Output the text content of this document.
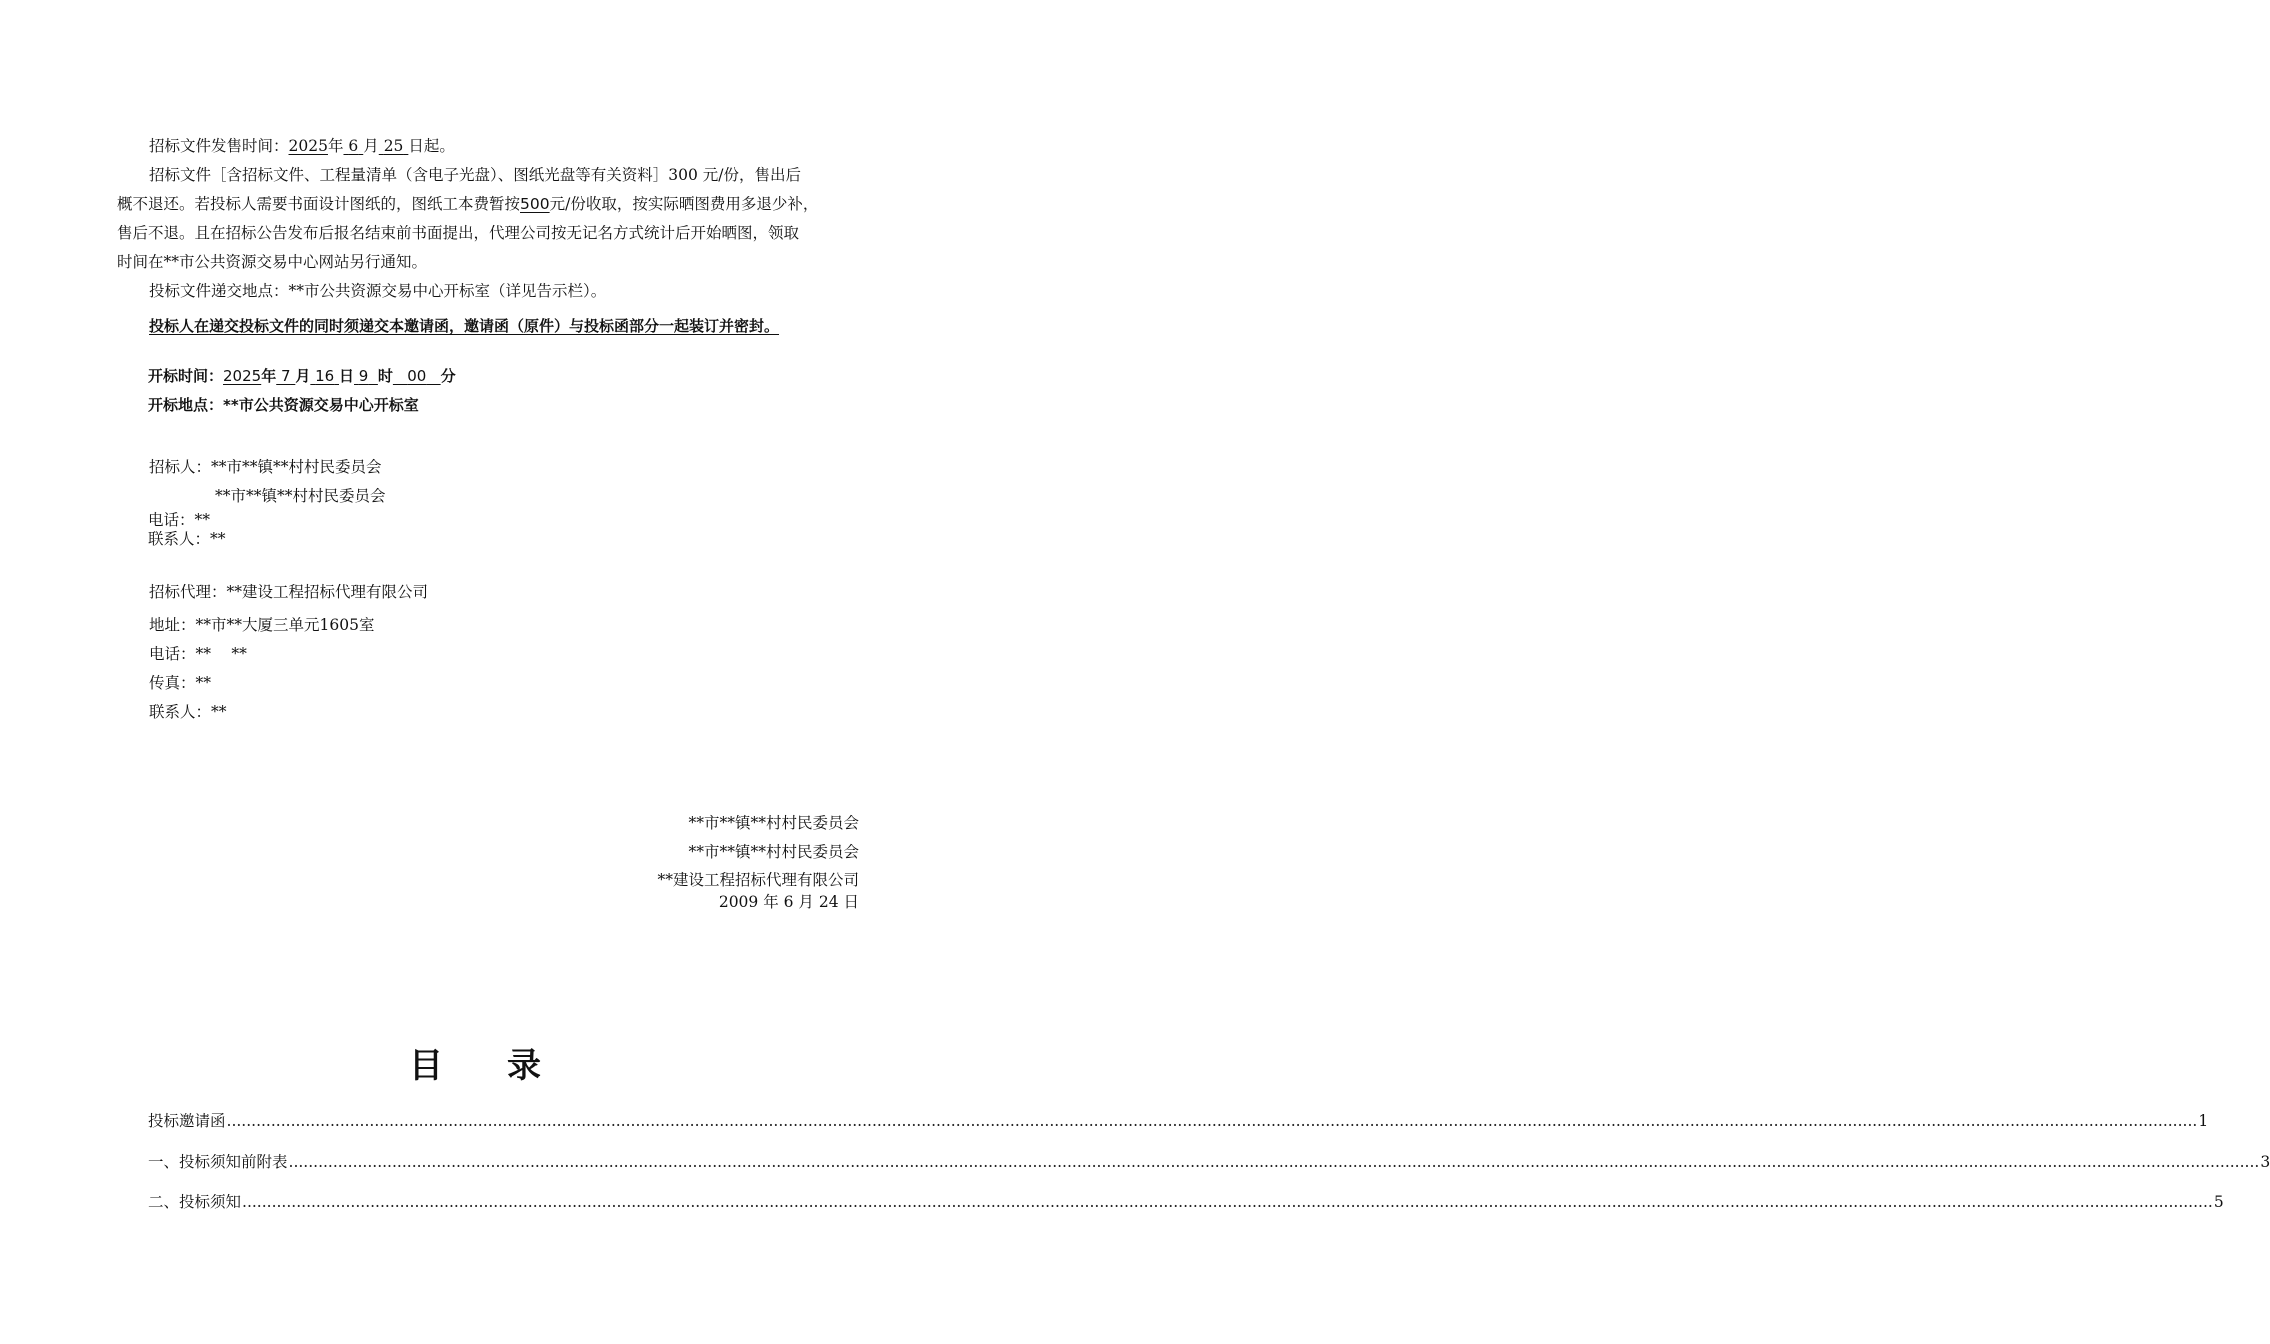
招标文件发售时间：2025年 6 月 25 日起。
招标文件［含招标文件、工程量清单（含电子光盘）、图纸光盘等有关资料］300 元/份，售出后
概不退还。若投标人需要书面设计图纸的，图纸工本费暂按500元/份收取，按实际晒图费用多退少补，
售后不退。且在招标公告发布后报名结束前书面提出，代理公司按无记名方式统计后开始晒图，领取
时间在**市公共资源交易中心网站另行通知。
投标文件递交地点：**市公共资源交易中心开标室（详见告示栏）。
投标人在递交投标文件的同时须递交本邀请函，邀请函（原件）与投标函部分一起装订并密封。
开标时间：2025年 7 月 16 日 9 时 00 分
开标地点：**市公共资源交易中心开标室
招标人：**市**镇**村村民委员会
**市**镇**村村民委员会
电话：**
联系人：**
招标代理：**建设工程招标代理有限公司
地址：**市**大厦三单元1605室
电话：**　 **
传真：**
联系人：**
**市**镇**村村民委员会
**市**镇**村村民委员会
**建设工程招标代理有限公司
2009 年 6 月 24 日
目 录
投标邀请函 ................................................................................................................................................................................................................................................................................................................................................................................................................ 1
一、投标须知前附表 ................................................................................................................................................................................................................................................................................................................................................................................................................ 3
二、投标须知 ................................................................................................................................................................................................................................................................................................................................................................................................................ 5
